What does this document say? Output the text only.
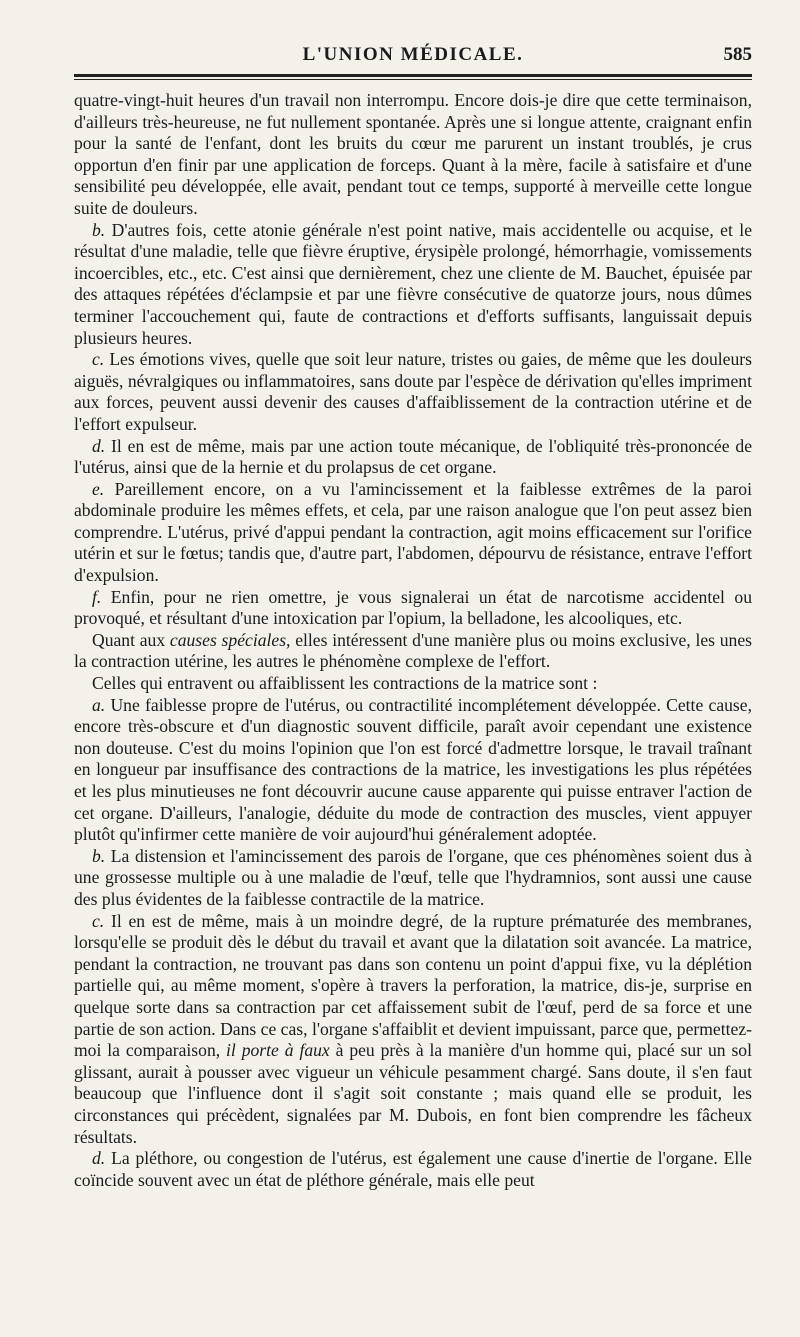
L'UNION MÉDICALE.	585

quatre-vingt-huit heures d'un travail non interrompu. Encore dois-je dire que cette terminaison, d'ailleurs très-heureuse, ne fut nullement spontanée. Après une si longue attente, craignant enfin pour la santé de l'enfant, dont les bruits du cœur me parurent un instant troublés, je crus opportun d'en finir par une application de forceps. Quant à la mère, facile à satisfaire et d'une sensibilité peu développée, elle avait, pendant tout ce temps, supporté à merveille cette longue suite de douleurs.

b. D'autres fois, cette atonie générale n'est point native, mais accidentelle ou acquise, et le résultat d'une maladie, telle que fièvre éruptive, érysipèle prolongé, hémorrhagie, vomissements incoercibles, etc., etc. C'est ainsi que dernièrement, chez une cliente de M. Bauchet, épuisée par des attaques répétées d'éclampsie et par une fièvre consécutive de quatorze jours, nous dûmes terminer l'accouchement qui, faute de contractions et d'efforts suffisants, languissait depuis plusieurs heures.

c. Les émotions vives, quelle que soit leur nature, tristes ou gaies, de même que les douleurs aiguës, névralgiques ou inflammatoires, sans doute par l'espèce de dérivation qu'elles impriment aux forces, peuvent aussi devenir des causes d'affaiblissement de la contraction utérine et de l'effort expulseur.

d. Il en est de même, mais par une action toute mécanique, de l'obliquité très-prononcée de l'utérus, ainsi que de la hernie et du prolapsus de cet organe.

e. Pareillement encore, on a vu l'amincissement et la faiblesse extrêmes de la paroi abdominale produire les mêmes effets, et cela, par une raison analogue que l'on peut assez bien comprendre. L'utérus, privé d'appui pendant la contraction, agit moins efficacement sur l'orifice utérin et sur le fœtus; tandis que, d'autre part, l'abdomen, dépourvu de résistance, entrave l'effort d'expulsion.

f. Enfin, pour ne rien omettre, je vous signalerai un état de narcotisme accidentel ou provoqué, et résultant d'une intoxication par l'opium, la belladone, les alcooliques, etc.

Quant aux causes spéciales, elles intéressent d'une manière plus ou moins exclusive, les unes la contraction utérine, les autres le phénomène complexe de l'effort.

Celles qui entravent ou affaiblissent les contractions de la matrice sont :

a. Une faiblesse propre de l'utérus, ou contractilité incomplétement développée. Cette cause, encore très-obscure et d'un diagnostic souvent difficile, paraît avoir cependant une existence non douteuse. C'est du moins l'opinion que l'on est forcé d'admettre lorsque, le travail traînant en longueur par insuffisance des contractions de la matrice, les investigations les plus répétées et les plus minutieuses ne font découvrir aucune cause apparente qui puisse entraver l'action de cet organe. D'ailleurs, l'analogie, déduite du mode de contraction des muscles, vient appuyer plutôt qu'infirmer cette manière de voir aujourd'hui généralement adoptée.

b. La distension et l'amincissement des parois de l'organe, que ces phénomènes soient dus à une grossesse multiple ou à une maladie de l'œuf, telle que l'hydramnios, sont aussi une cause des plus évidentes de la faiblesse contractile de la matrice.

c. Il en est de même, mais à un moindre degré, de la rupture prématurée des membranes, lorsqu'elle se produit dès le début du travail et avant que la dilatation soit avancée. La matrice, pendant la contraction, ne trouvant pas dans son contenu un point d'appui fixe, vu la déplétion partielle qui, au même moment, s'opère à travers la perforation, la matrice, dis-je, surprise en quelque sorte dans sa contraction par cet affaissement subit de l'œuf, perd de sa force et une partie de son action. Dans ce cas, l'organe s'affaiblit et devient impuissant, parce que, permettez-moi la comparaison, il porte à faux à peu près à la manière d'un homme qui, placé sur un sol glissant, aurait à pousser avec vigueur un véhicule pesamment chargé. Sans doute, il s'en faut beaucoup que l'influence dont il s'agit soit constante ; mais quand elle se produit, les circonstances qui précèdent, signalées par M. Dubois, en font bien comprendre les fâcheux résultats.

d. La pléthore, ou congestion de l'utérus, est également une cause d'inertie de l'organe. Elle coïncide souvent avec un état de pléthore générale, mais elle peut
